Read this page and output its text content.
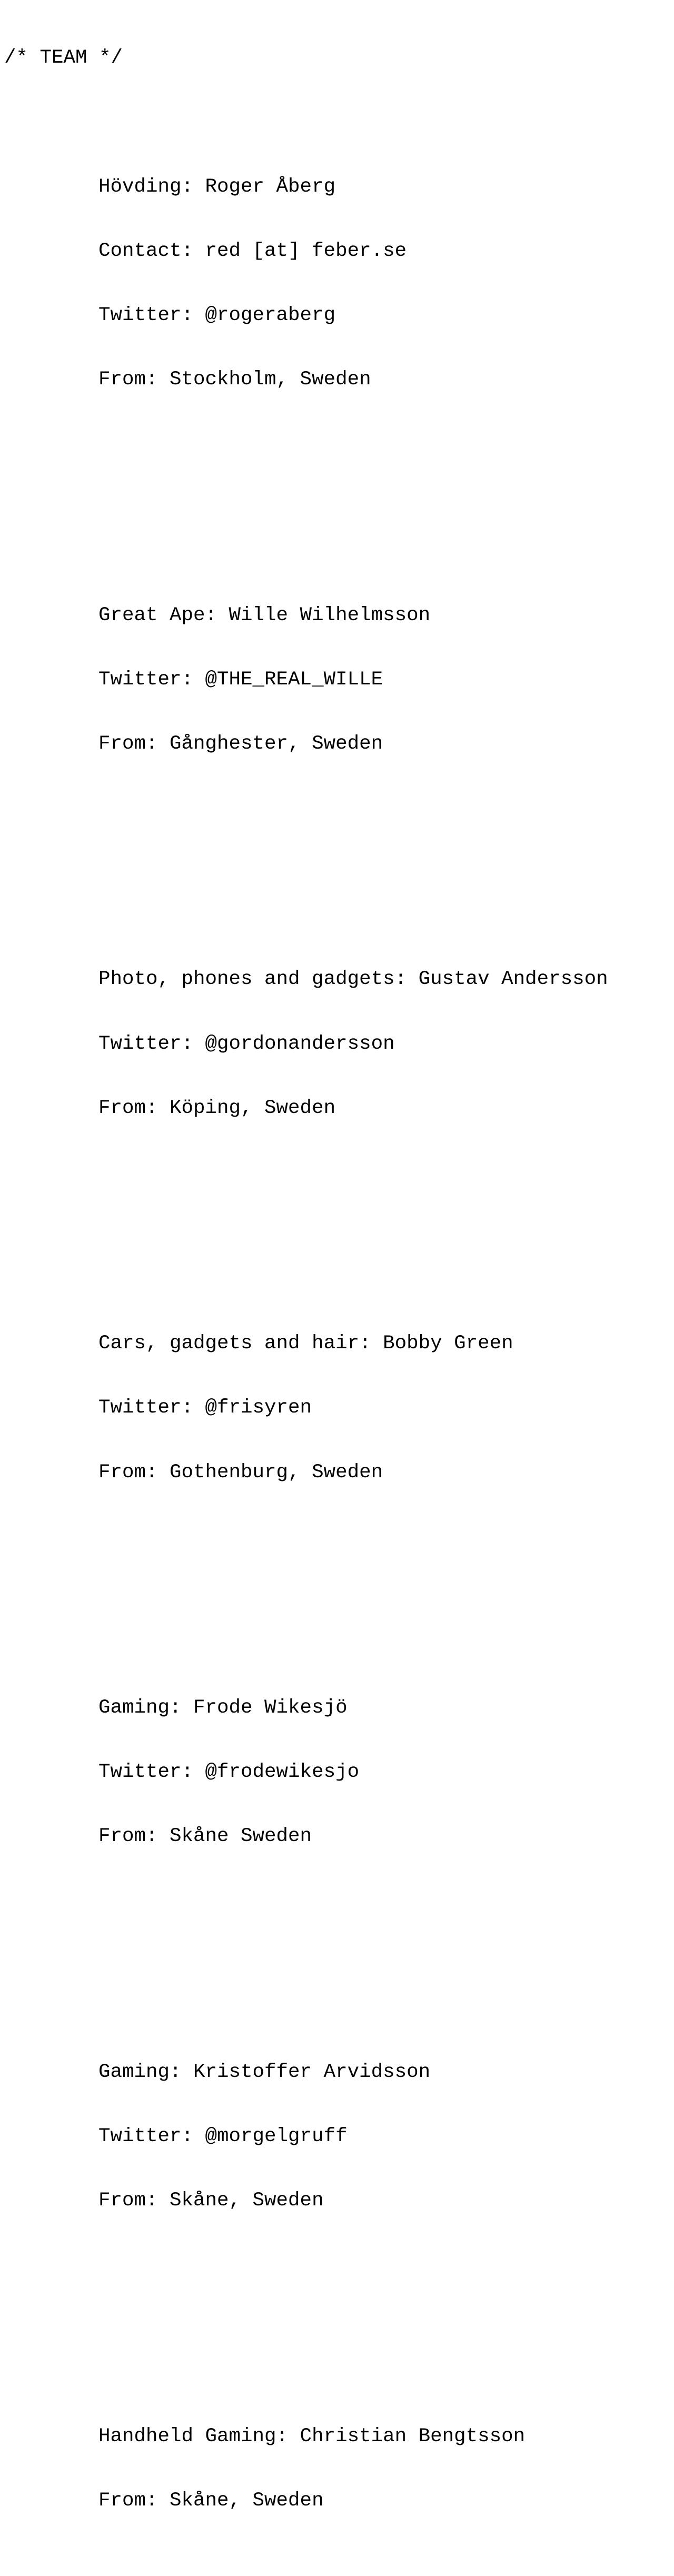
/* TEAM */

Hövding: Roger Åberg

Contact: red [at] feber.se

Twitter: @rogeraberg

From: Stockholm, Sweden

Great Ape: Wille Wilhelmsson

Twitter: @THE_REAL_WILLE

From: Gånghester, Sweden

Photo, phones and gadgets: Gustav Andersson

Twitter: @gordonandersson

From: Köping, Sweden

Cars, gadgets and hair: Bobby Green

Twitter: @frisyren

From: Gothenburg, Sweden

Gaming: Frode Wikesjö

Twitter: @frodewikesjo

From: Skåne Sweden

Gaming: Kristoffer Arvidsson

Twitter: @morgelgruff

From: Skåne, Sweden

Handheld Gaming: Christian Bengtsson

From: Skåne, Sweden
